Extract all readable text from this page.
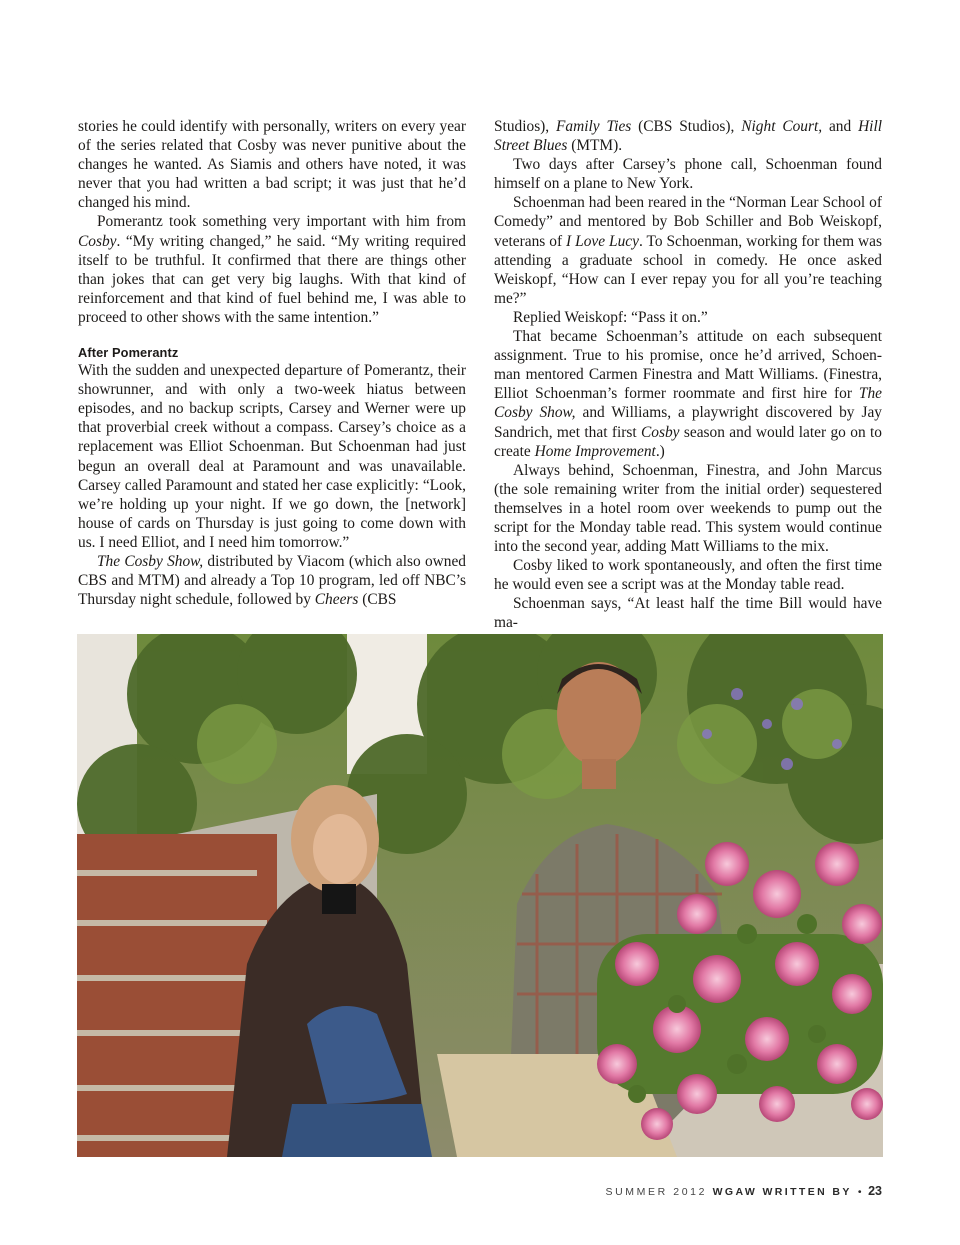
stories he could identify with personally, writers on every year of the series related that Cosby was never punitive about the changes he wanted. As Siamis and others have noted, it was never that you had written a bad script; it was just that he’d changed his mind.

Pomerantz took something very important with him from Cosby. “My writing changed,” he said. “My writing required itself to be truthful. It confirmed that there are things other than jokes that can get very big laughs. With that kind of reinforcement and that kind of fuel behind me, I was able to proceed to other shows with the same intention.”

After Pomerantz

With the sudden and unexpected departure of Pomerantz, their showrunner, and with only a two-week hiatus between episodes, and no backup scripts, Carsey and Werner were up that proverbial creek without a compass. Carsey’s choice as a replacement was Elliot Schoenman. But Schoenman had just begun an overall deal at Paramount and was unavailable. Carsey called Paramount and stated her case explicitly: “Look, we’re holding up your night. If we go down, the [network] house of cards on Thursday is just going to come down with us. I need Elliot, and I need him tomorrow.”

The Cosby Show, distributed by Viacom (which also owned CBS and MTM) and already a Top 10 program, led off NBC’s Thursday night schedule, followed by Cheers (CBS

Studios), Family Ties (CBS Studios), Night Court, and Hill Street Blues (MTM).

Two days after Carsey’s phone call, Schoenman found himself on a plane to New York.

Schoenman had been reared in the “Norman Lear School of Comedy” and mentored by Bob Schiller and Bob Weiskopf, veterans of I Love Lucy. To Schoenman, working for them was attending a graduate school in comedy. He once asked Weiskopf, “How can I ever repay you for all you’re teaching me?”

Replied Weiskopf: “Pass it on.”

That became Schoenman’s attitude on each subsequent assignment. True to his promise, once he’d arrived, Schoenman mentored Carmen Finestra and Matt Williams. (Finestra, Elliot Schoenman’s former roommate and first hire for The Cosby Show, and Williams, a playwright discovered by Jay Sandrich, met that first Cosby season and would later go on to create Home Improvement.)

Always behind, Schoenman, Finestra, and John Marcus (the sole remaining writer from the initial order) sequestered themselves in a hotel room over weekends to pump out the script for the Monday table read. This system would continue into the second year, adding Matt Williams to the mix.

Cosby liked to work spontaneously, and often the first time he would even see a script was at the Monday table read.

Schoenman says, “At least half the time Bill would have ma-

SUMMER 2012 WGAW WRITTEN BY • 23
